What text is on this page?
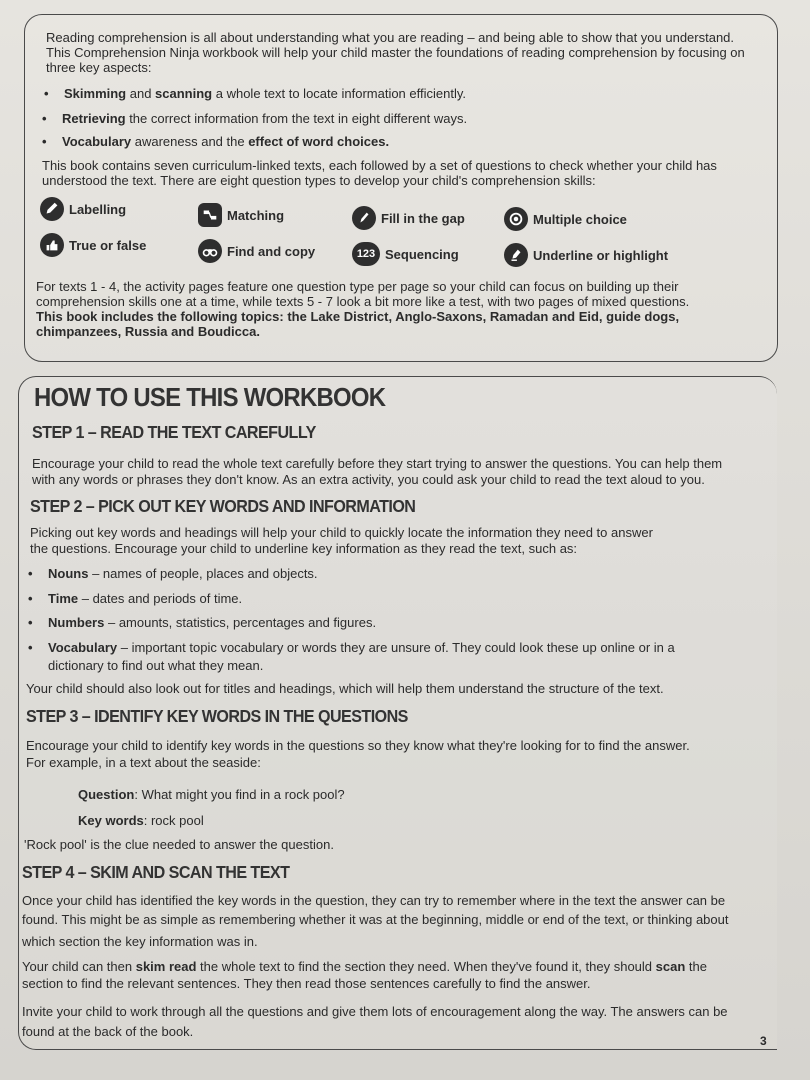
Reading comprehension is all about understanding what you are reading – and being able to show that you understand.

This Comprehension Ninja workbook will help your child master the foundations of reading comprehension by focusing on

three key aspects:

• Skimming and scanning a whole text to locate information efficiently.

• Retrieving the correct information from the text in eight different ways.

• Vocabulary awareness and the effect of word choices.

This book contains seven curriculum-linked texts, each followed by a set of questions to check whether your child has

understood the text. There are eight question types to develop your child's comprehension skills:

Labelling	Matching	Fill in the gap	Multiple choice
True or false	Find and copy	123 Sequencing	Underline or highlight

For texts 1 - 4, the activity pages feature one question type per page so your child can focus on building up their

comprehension skills one at a time, while texts 5 - 7 look a bit more like a test, with two pages of mixed questions.

This book includes the following topics: the Lake District, Anglo-Saxons, Ramadan and Eid, guide dogs,

chimpanzees, Russia and Boudicca.

HOW TO USE THIS WORKBOOK
STEP 1 – READ THE TEXT CAREFULLY

Encourage your child to read the whole text carefully before they start trying to answer the questions. You can help them

with any words or phrases they don't know. As an extra activity, you could ask your child to read the text aloud to you.

STEP 2 – PICK OUT KEY WORDS AND INFORMATION

Picking out key words and headings will help your child to quickly locate the information they need to answer

the questions. Encourage your child to underline key information as they read the text, such as:

• Nouns – names of people, places and objects.

• Time – dates and periods of time.

• Numbers – amounts, statistics, percentages and figures.

• Vocabulary – important topic vocabulary or words they are unsure of. They could look these up online or in a

dictionary to find out what they mean.

Your child should also look out for titles and headings, which will help them understand the structure of the text.

STEP 3 – IDENTIFY KEY WORDS IN THE QUESTIONS

Encourage your child to identify key words in the questions so they know what they're looking for to find the answer.

For example, in a text about the seaside:

Question: What might you find in a rock pool?

Key words: rock pool

'Rock pool' is the clue needed to answer the question.

STEP 4 – SKIM AND SCAN THE TEXT

Once your child has identified the key words in the question, they can try to remember where in the text the answer can be

found. This might be as simple as remembering whether it was at the beginning, middle or end of the text, or thinking about

which section the key information was in.

Your child can then skim read the whole text to find the section they need. When they've found it, they should scan the

section to find the relevant sentences. They then read those sentences carefully to find the answer.

Invite your child to work through all the questions and give them lots of encouragement along the way. The answers can be

found at the back of the book.

3
